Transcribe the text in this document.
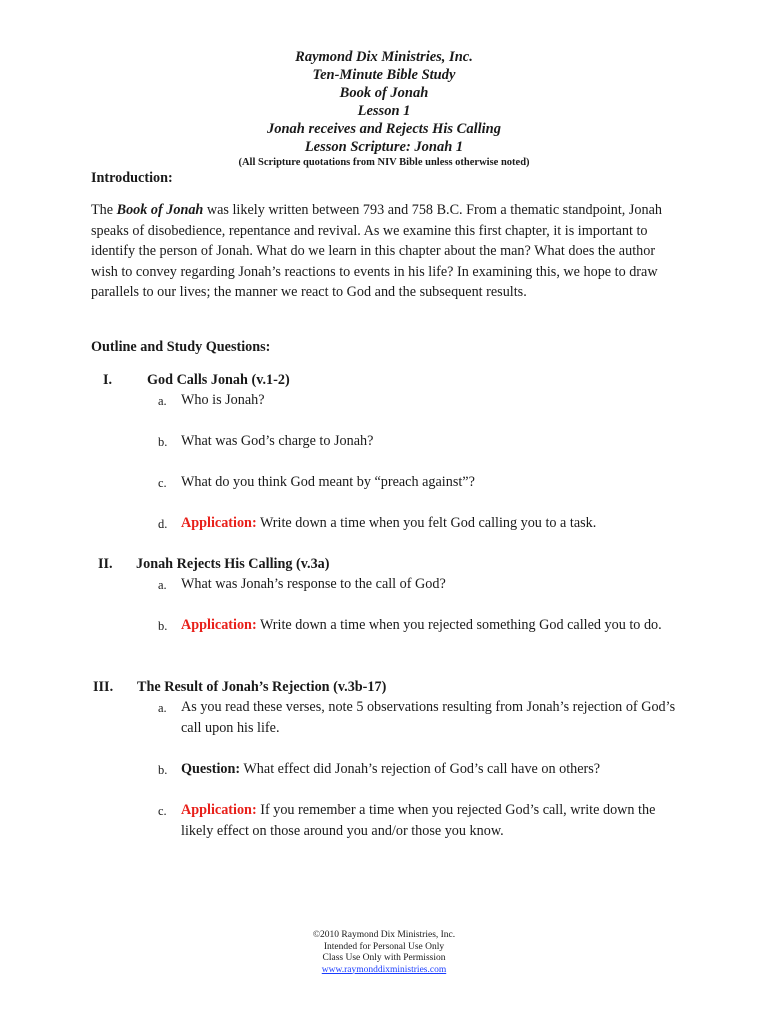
Raymond Dix Ministries, Inc.
Ten-Minute Bible Study
Book of Jonah
Lesson 1
Jonah receives and Rejects His Calling
Lesson Scripture: Jonah 1
(All Scripture quotations from NIV Bible unless otherwise noted)
Introduction:
The Book of Jonah was likely written between 793 and 758 B.C. From a thematic standpoint, Jonah speaks of disobedience, repentance and revival. As we examine this first chapter, it is important to identify the person of Jonah. What do we learn in this chapter about the man? What does the author wish to convey regarding Jonah’s reactions to events in his life? In examining this, we hope to draw parallels to our lives; the manner we react to God and the subsequent results.
Outline and Study Questions:
I. God Calls Jonah (v.1-2)
a. Who is Jonah?
b. What was God’s charge to Jonah?
c. What do you think God meant by “preach against”?
d. Application: Write down a time when you felt God calling you to a task.
II. Jonah Rejects His Calling (v.3a)
a. What was Jonah’s response to the call of God?
b. Application: Write down a time when you rejected something God called you to do.
III. The Result of Jonah’s Rejection (v.3b-17)
a. As you read these verses, note 5 observations resulting from Jonah’s rejection of God’s call upon his life.
b. Question: What effect did Jonah’s rejection of God’s call have on others?
c. Application: If you remember a time when you rejected God’s call, write down the likely effect on those around you and/or those you know.
©2010 Raymond Dix Ministries, Inc.
Intended for Personal Use Only
Class Use Only with Permission
www.raymonddixministries.com
